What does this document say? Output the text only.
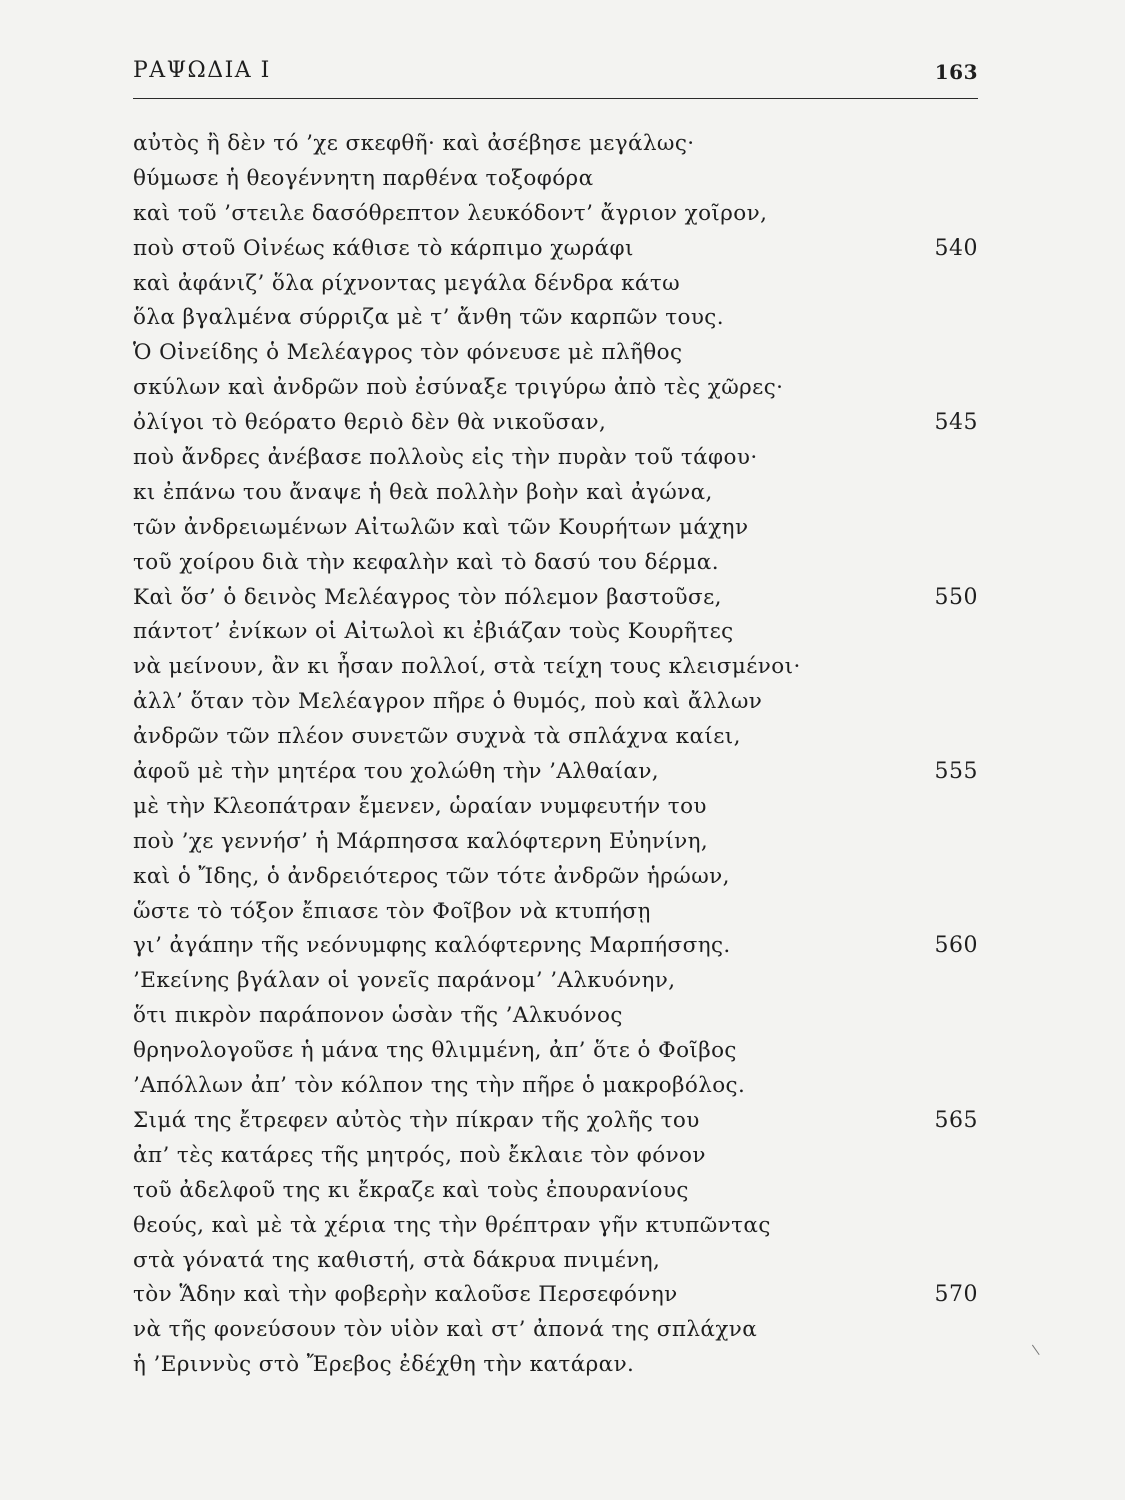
ΡΑΨΩΔΙΑ Ι	163
αὐτὸς ἢ δὲν τό ’χε σκεφθῆ· καὶ ἀσέβησε μεγάλως·
θύμωσε ἡ θεογέννητη παρθένα τοξοφόρα
καὶ τοῦ ’στειλε δασόθρεπτον λευκόδοντ’ ἄγριον χοῖρον,
ποὺ στοῦ Οἰνέως κάθισε τὸ κάρπιμο χωράφι	540
καὶ ἀφάνιζ’ ὅλα ρίχνοντας μεγάλα δένδρα κάτω
ὅλα βγαλμένα σύρριζα μὲ τ’ ἄνθη τῶν καρπῶν τους.
Ὁ Οἰνείδης ὁ Μελέαγρος τὸν φόνευσε μὲ πλῆθος
σκύλων καὶ ἀνδρῶν ποὺ ἐσύναξε τριγύρω ἀπὸ τὲς χῶρες·
ὀλίγοι τὸ θεόρατο θεριὸ δὲν θὰ νικοῦσαν,	545
ποὺ ἄνδρες ἀνέβασε πολλοὺς εἰς τὴν πυρὰν τοῦ τάφου·
κι ἐπάνω του ἄναψε ἡ θεὰ πολλὴν βοὴν καὶ ἀγώνα,
τῶν ἀνδρειωμένων Αἰτωλῶν καὶ τῶν Κουρήτων μάχην
τοῦ χοίρου διὰ τὴν κεφαλὴν καὶ τὸ δασύ του δέρμα.
Καὶ ὅσ’ ὁ δεινὸς Μελέαγρος τὸν πόλεμον βαστοῦσε,	550
πάντοτ’ ἐνίκων οἱ Αἰτωλοὶ κι ἐβιάζαν τοὺς Κουρῆτες
νὰ μείνουν, ἂν κι ἦσαν πολλοί, στὰ τείχη τους κλεισμένοι·
ἀλλ’ ὅταν τὸν Μελέαγρον πῆρε ὁ θυμός, ποὺ καὶ ἄλλων
ἀνδρῶν τῶν πλέον συνετῶν συχνὰ τὰ σπλάχνα καίει,
ἀφοῦ μὲ τὴν μητέρα του χολώθη τὴν ’Αλθαίαν,	555
μὲ τὴν Κλεοπάτραν ἔμενεν, ὡραίαν νυμφευτήν του
ποὺ ’χε γεννήσ’ ἡ Μάρπησσα καλόφτερνη Εὐηνίνη,
καὶ ὁ Ἴδης, ὁ ἀνδρειότερος τῶν τότε ἀνδρῶν ἡρώων,
ὥστε τὸ τόξον ἔπιασε τὸν Φοῖβον νὰ κτυπήσῃ
γι’ ἀγάπην τῆς νεόνυμφης καλόφτερνης Μαρπήσσης.	560
’Εκείνης βγάλαν οἱ γονεῖς παράνομ’ ’Αλκυόνην,
ὅτι πικρὸν παράπονον ὡσὰν τῆς ’Αλκυόνος
θρηνολογοῦσε ἡ μάνα της θλιμμένη, ἀπ’ ὅτε ὁ Φοῖβος
’Απόλλων ἀπ’ τὸν κόλπον της τὴν πῆρε ὁ μακροβόλος.
Σιμά της ἔτρεφεν αὐτὸς τὴν πίκραν τῆς χολῆς του	565
ἀπ’ τὲς κατάρες τῆς μητρός, ποὺ ἔκλαιε τὸν φόνον
τοῦ ἀδελφοῦ της κι ἔκραζε καὶ τοὺς ἐπουρανίους
θεούς, καὶ μὲ τὰ χέρια της τὴν θρέπτραν γῆν κτυπῶντας
στὰ γόνατά της καθιστή, στὰ δάκρυα πνιμένη,
τὸν Ἅδην καὶ τὴν φοβερὴν καλοῦσε Περσεφόνην	570
νὰ τῆς φονεύσουν τὸν υἱὸν καὶ στ’ ἀπονά της σπλάχνα
ἡ ’Εριννὺς στὸ Ἔρεβος ἐδέχθη τὴν κατάραν.
